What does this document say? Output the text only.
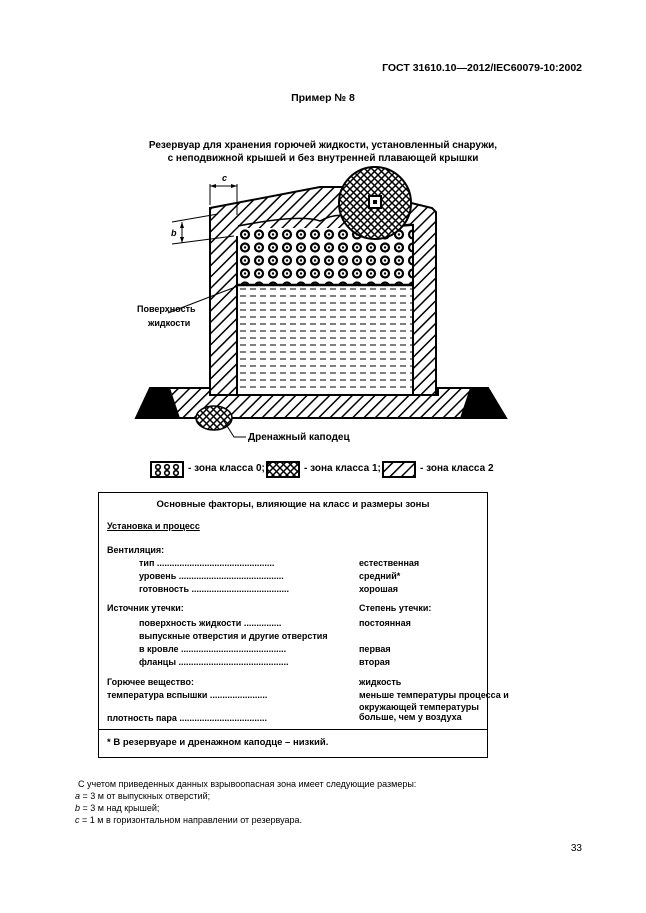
ГОСТ 31610.10—2012/IEC60079-10:2002
Пример № 8
Резервуар для хранения горючей жидкости, установленный снаружи,
с неподвижной крышей и без внутренней плавающей крышки
c
b
Поверхность
жидкости
Дренажный каподец
- зона класса 0;	- зона класса 1;	- зона класса 2
Основные факторы, влияющие на класс и размеры зоны
Установка и процесс
Вентиляция:
тип ...............................................	естественная
уровень ..........................................	средний*
готовность .......................................	хорошая
Источник утечки:	Степень утечки:
поверхность жидкости ...............	постоянная
выпускные отверстия и другие отверстия
в кровле ..........................................	первая
фланцы ............................................	вторая
Горючее вещество:	жидкость
температура вспышки .......................	меньше температуры процесса и
окружающей температуры
плотность пара ...................................	больше, чем у воздуха
* В резервуаре и дренажном каподце – низкий.
С учетом приведенных данных взрывоопасная зона имеет следующие размеры:
a = 3 м от выпускных отверстий;
b = 3 м над крышей;
c = 1 м в горизонтальном направлении от резервуара.
33
